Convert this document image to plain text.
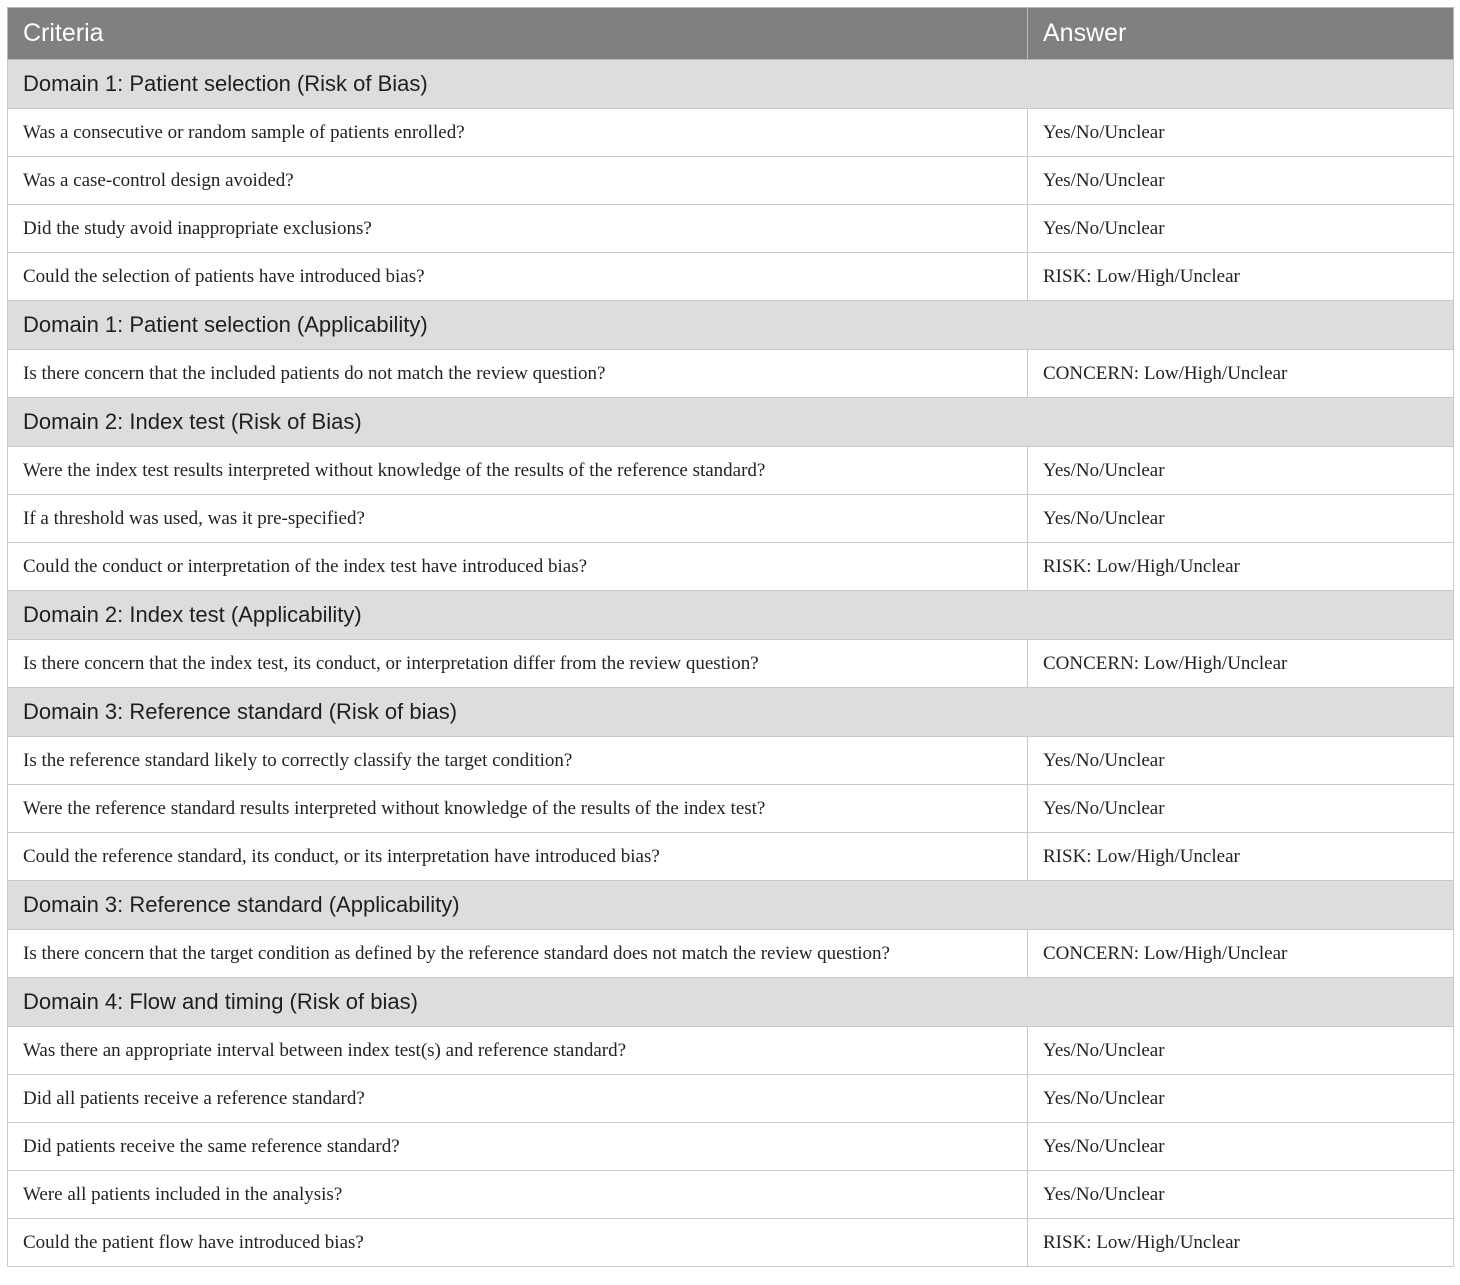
Criteria	Answer
Domain 1: Patient selection (Risk of Bias)	
Was a consecutive or random sample of patients enrolled?	Yes/No/Unclear
Was a case-control design avoided?	Yes/No/Unclear
Did the study avoid inappropriate exclusions?	Yes/No/Unclear
Could the selection of patients have introduced bias?	RISK: Low/High/Unclear
Domain 1: Patient selection (Applicability)	
Is there concern that the included patients do not match the review question?	CONCERN: Low/High/Unclear
Domain 2: Index test (Risk of Bias)	
Were the index test results interpreted without knowledge of the results of the reference standard?	Yes/No/Unclear
If a threshold was used, was it pre-specified?	Yes/No/Unclear
Could the conduct or interpretation of the index test have introduced bias?	RISK: Low/High/Unclear
Domain 2: Index test (Applicability)	
Is there concern that the index test, its conduct, or interpretation differ from the review question?	CONCERN: Low/High/Unclear
Domain 3: Reference standard (Risk of bias)	
Is the reference standard likely to correctly classify the target condition?	Yes/No/Unclear
Were the reference standard results interpreted without knowledge of the results of the index test?	Yes/No/Unclear
Could the reference standard, its conduct, or its interpretation have introduced bias?	RISK: Low/High/Unclear
Domain 3: Reference standard (Applicability)	
Is there concern that the target condition as defined by the reference standard does not match the review question?	CONCERN: Low/High/Unclear
Domain 4: Flow and timing (Risk of bias)	
Was there an appropriate interval between index test(s) and reference standard?	Yes/No/Unclear
Did all patients receive a reference standard?	Yes/No/Unclear
Did patients receive the same reference standard?	Yes/No/Unclear
Were all patients included in the analysis?	Yes/No/Unclear
Could the patient flow have introduced bias?	RISK: Low/High/Unclear
